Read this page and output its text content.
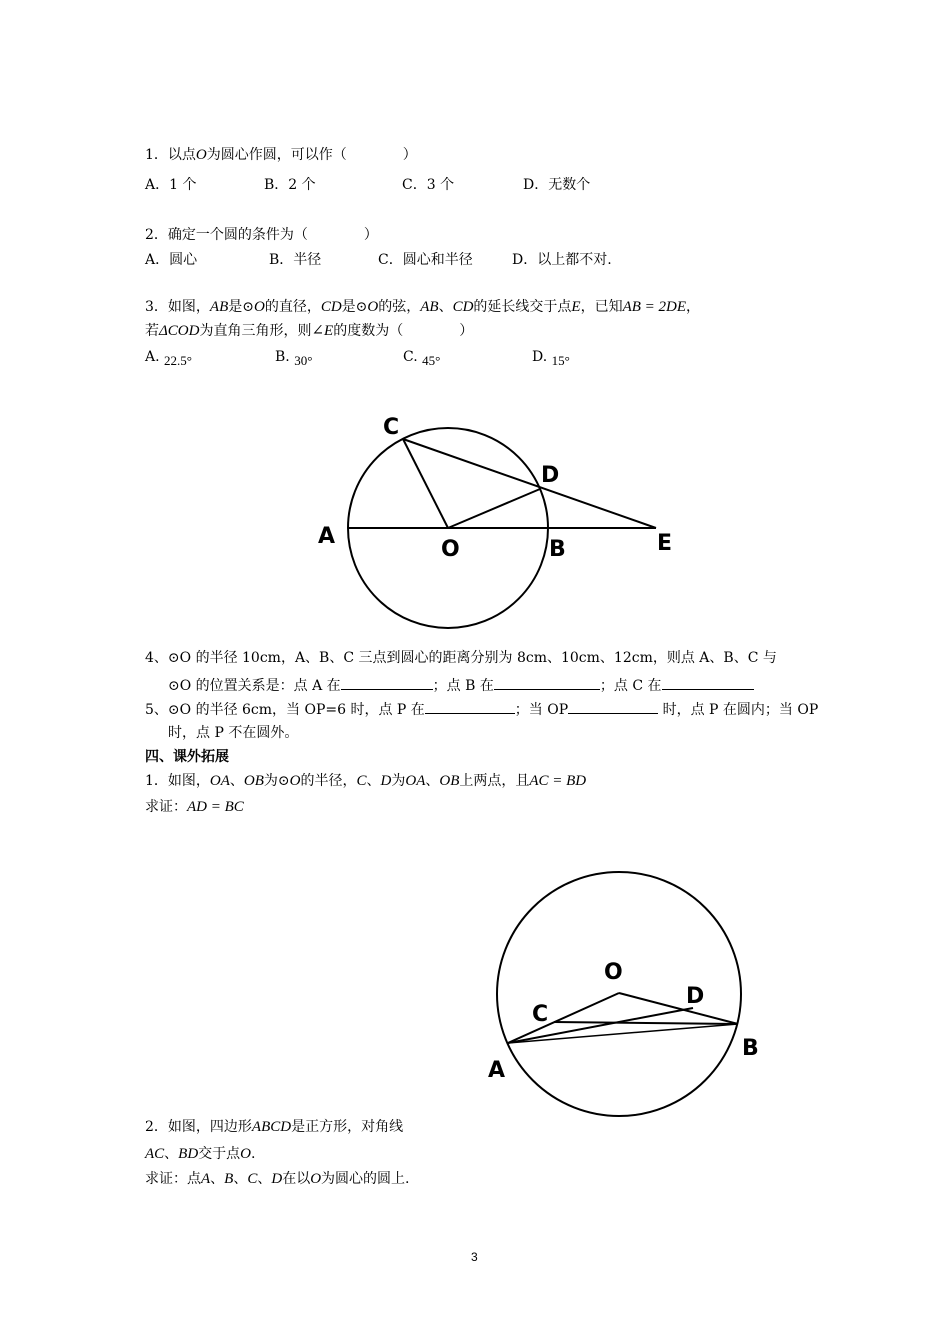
1．以点O为圆心作圆，可以作（　　　　）
A．1 个	B．2 个	C．3 个	D．无数个
2．确定一个圆的条件为（　　　　）
A．圆心	B．半径	C．圆心和半径	D．以上都不对.
3．如图，AB是⊙O的直径，CD是⊙O的弦，AB、CD的延长线交于点E，已知AB = 2DE，
若ΔCOD为直角三角形，则∠E的度数为（　　　　）
A. 22.5°	B. 30°	C. 45°	D. 15°
C
D
A
O	B	E
4、⊙O 的半径 10cm，A、B、C 三点到圆心的距离分别为 8cm、10cm、12cm，则点 A、B、C 与
⊙O 的位置关系是：点 A 在	；点 B 在	；点 C 在
5、⊙O 的半径 6cm，当 OP=6 时，点 P 在	；当 OP	时，点 P 在圆内；当 OP
时，点 P 不在圆外。
四、课外拓展
1．如图，OA、OB为⊙O的半径，C、D为OA、OB上两点，且AC = BD
求证：AD = BC
O
D
C
A
B
2．如图，四边形ABCD是正方形，对角线
AC、BD交于点O.
求证：点A、B、C、D在以O为圆心的圆上.
3
